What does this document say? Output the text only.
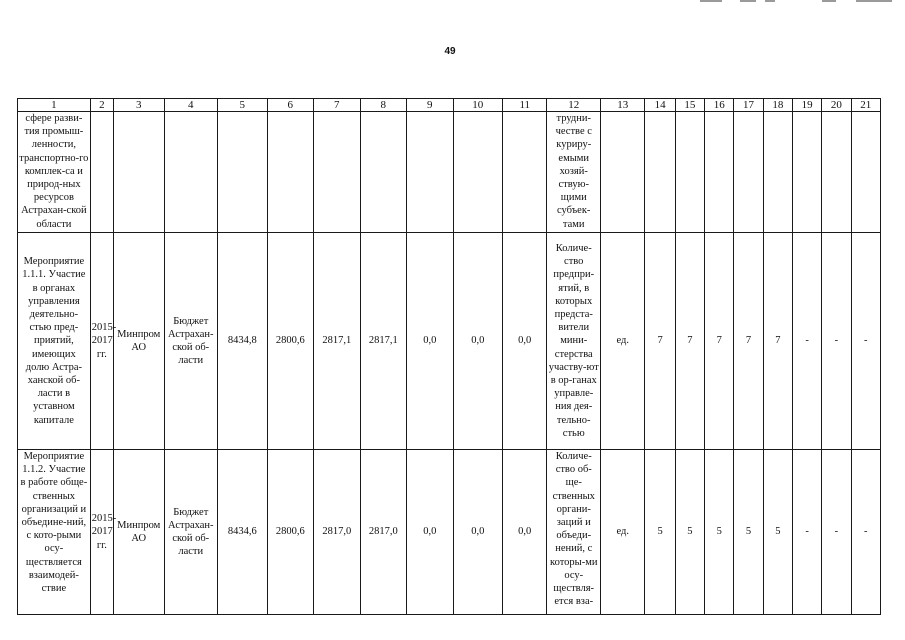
49
1	2	3	4	5	6	7	8	9	10	11	12	13	14	15	16	17	18	19	20	21
сфере разви-тия промыш-ленности, транспортно-го комплек-са и природ-ных ресурсов Астрахан-ской области											трудни-честве с куриру-емыми хозяй-ствую-щими субъек-тами									
Мероприятие 1.1.1. Участие в органах управления деятельно-стью пред-приятий, имеющих долю Астра-ханской об-ласти в уставном капитале	2015-2017 гг.	Минпром АО	Бюджет Астрахан-ской об-ласти	8434,8	2800,6	2817,1	2817,1	0,0	0,0	0,0	Количе-ство предпри-ятий, в которых предста-вители мини-стерства участву-ют в ор-ганах управле-ния дея-тельно-стью	ед.	7	7	7	7	7	-	-	-
Мероприятие 1.1.2. Участие в работе обще-ственных организаций и объедине-ний, с кото-рыми осу-ществляется взаимодей-ствие	2015-2017 гг.	Минпром АО	Бюджет Астрахан-ской об-ласти	8434,6	2800,6	2817,0	2817,0	0,0	0,0	0,0	Количе-ство об-ще-ственных органи-заций и объеди-нений, с которы-ми осу-ществля-ется вза-	ед.	5	5	5	5	5	-	-	-
